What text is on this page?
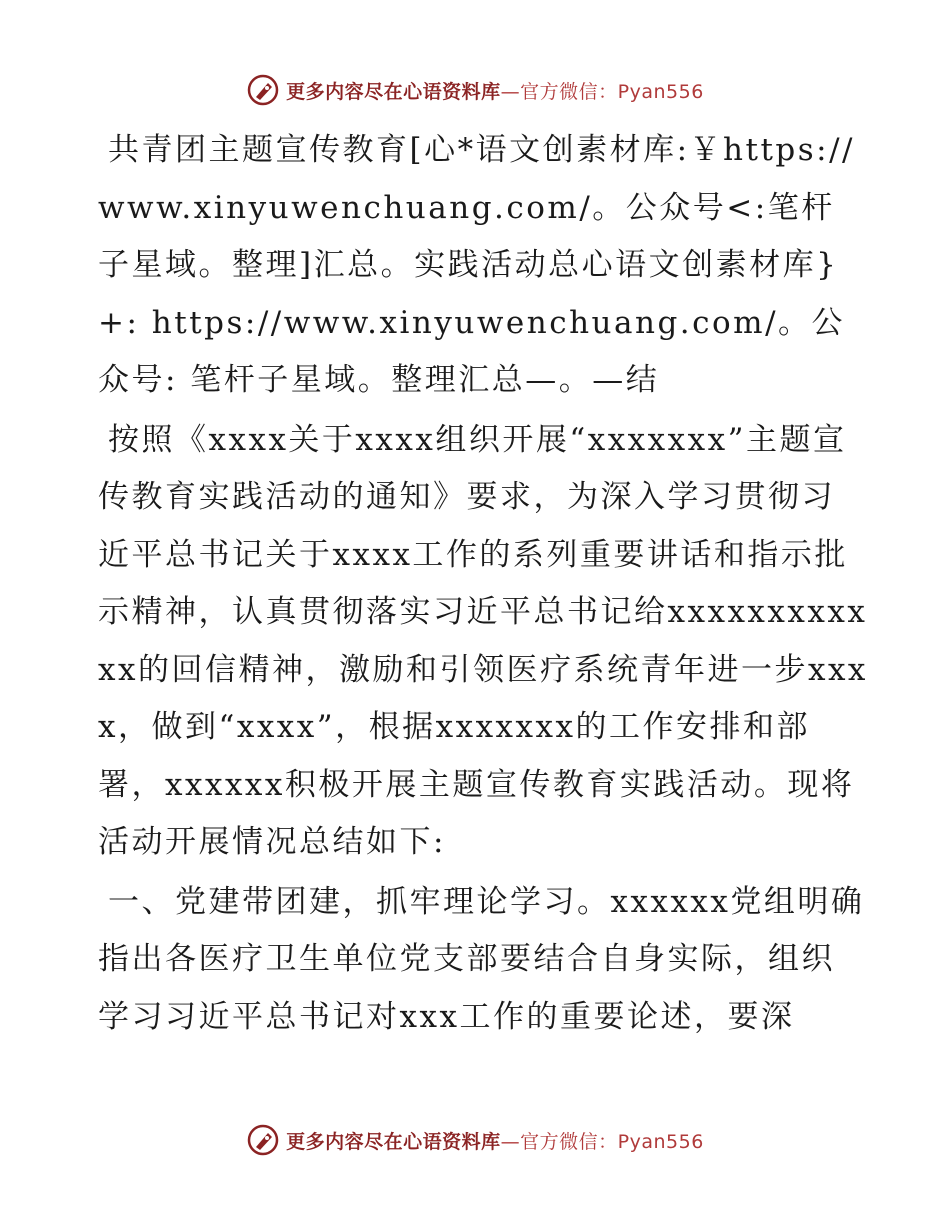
更多内容尽在心语资料库—官方微信：Pyan556

共青团主题宣传教育[心*语文创素材库:￥https://www.xinyuwenchuang.com/。公众号<:笔杆子星域。整理]汇总。实践活动总心语文创素材库}+: https://www.xinyuwenchuang.com/。公众号: 笔杆子星域。整理汇总—。—结

按照《xxxx关于xxxx组织开展“xxxxxxx”主题宣传教育实践活动的通知》要求，为深入学习贯彻习近平总书记关于xxxx工作的系列重要讲话和指示批示精神，认真贯彻落实习近平总书记给xxxxxxxxxxxx的回信精神，激励和引领医疗系统青年进一步xxxx，做到“xxxx”，根据xxxxxxx的工作安排和部署，xxxxxx积极开展主题宣传教育实践活动。现将活动开展情况总结如下:

一、党建带团建，抓牢理论学习。xxxxxx党组明确指出各医疗卫生单位党支部要结合自身实际，组织学习习近平总书记对xxx工作的重要论述，要深

更多内容尽在心语资料库—官方微信：Pyan556
